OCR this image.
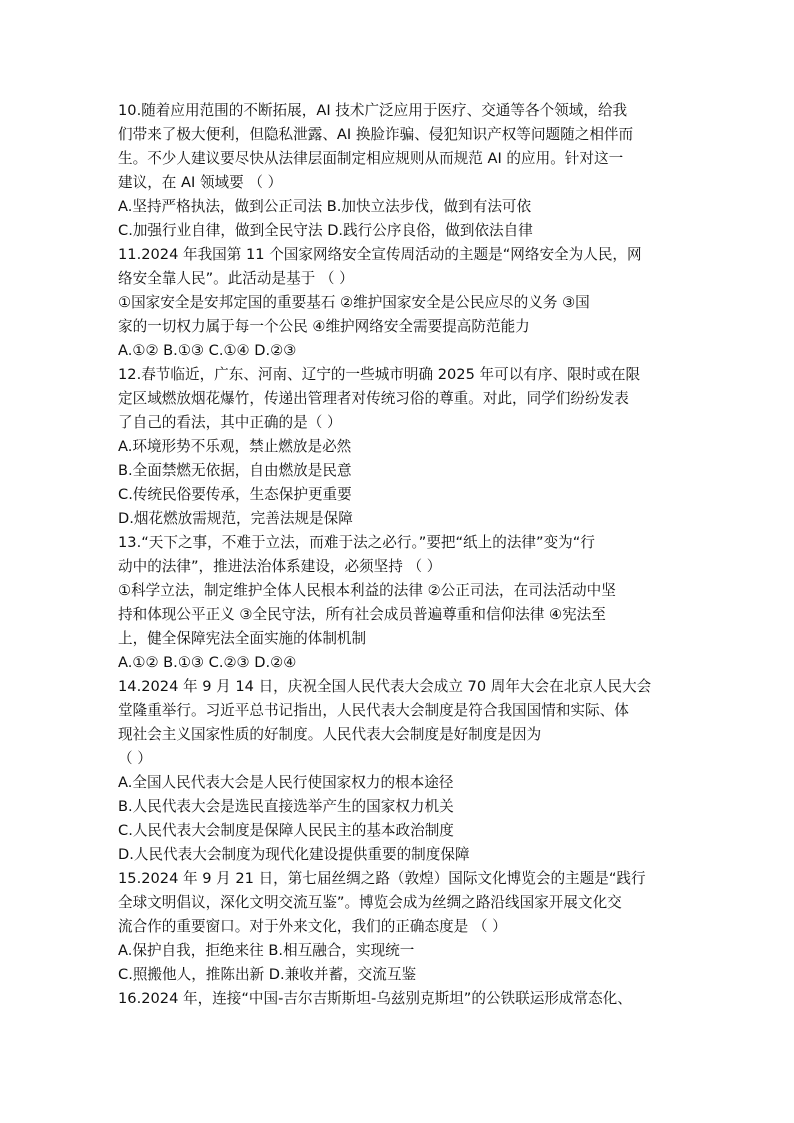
10.随着应用范围的不断拓展，AI 技术广泛应用于医疗、交通等各个领域，给我
们带来了极大便利，但隐私泄露、AI 换脸诈骗、侵犯知识产权等问题随之相伴而
生。不少人建议要尽快从法律层面制定相应规则从而规范 AI 的应用。针对这一
建议，在 AI 领域要 （ ）
A.坚持严格执法，做到公正司法 B.加快立法步伐，做到有法可依
C.加强行业自律，做到全民守法 D.践行公序良俗，做到依法自律
11.2024 年我国第 11 个国家网络安全宣传周活动的主题是“网络安全为人民，网
络安全靠人民”。此活动是基于 （ ）
①国家安全是安邦定国的重要基石 ②维护国家安全是公民应尽的义务 ③国
家的一切权力属于每一个公民 ④维护网络安全需要提高防范能力
A.①② B.①③ C.①④ D.②③
12.春节临近，广东、河南、辽宁的一些城市明确 2025 年可以有序、限时或在限
定区域燃放烟花爆竹，传递出管理者对传统习俗的尊重。对此，同学们纷纷发表
了自己的看法，其中正确的是（ ）
A.环境形势不乐观，禁止燃放是必然
B.全面禁燃无依据，自由燃放是民意
C.传统民俗要传承，生态保护更重要
D.烟花燃放需规范，完善法规是保障
13.“天下之事，不难于立法，而难于法之必行。”要把“纸上的法律”变为“行
动中的法律”，推进法治体系建设，必须坚持 （ ）
①科学立法，制定维护全体人民根本利益的法律 ②公正司法，在司法活动中坚
持和体现公平正义 ③全民守法，所有社会成员普遍尊重和信仰法律 ④宪法至
上，健全保障宪法全面实施的体制机制
A.①② B.①③ C.②③ D.②④
14.2024 年 9 月 14 日，庆祝全国人民代表大会成立 70 周年大会在北京人民大会
堂隆重举行。习近平总书记指出，人民代表大会制度是符合我国国情和实际、体
现社会主义国家性质的好制度。人民代表大会制度是好制度是因为
（ ）
A.全国人民代表大会是人民行使国家权力的根本途径
B.人民代表大会是选民直接选举产生的国家权力机关
C.人民代表大会制度是保障人民民主的基本政治制度
D.人民代表大会制度为现代化建设提供重要的制度保障
15.2024 年 9 月 21 日，第七届丝绸之路（敦煌）国际文化博览会的主题是“践行
全球文明倡议，深化文明交流互鉴”。博览会成为丝绸之路沿线国家开展文化交
流合作的重要窗口。对于外来文化，我们的正确态度是 （ ）
A.保护自我，拒绝来往 B.相互融合，实现统一
C.照搬他人，推陈出新 D.兼收并蓄，交流互鉴
16.2024 年，连接“中国-吉尔吉斯斯坦-乌兹别克斯坦”的公铁联运形成常态化、
